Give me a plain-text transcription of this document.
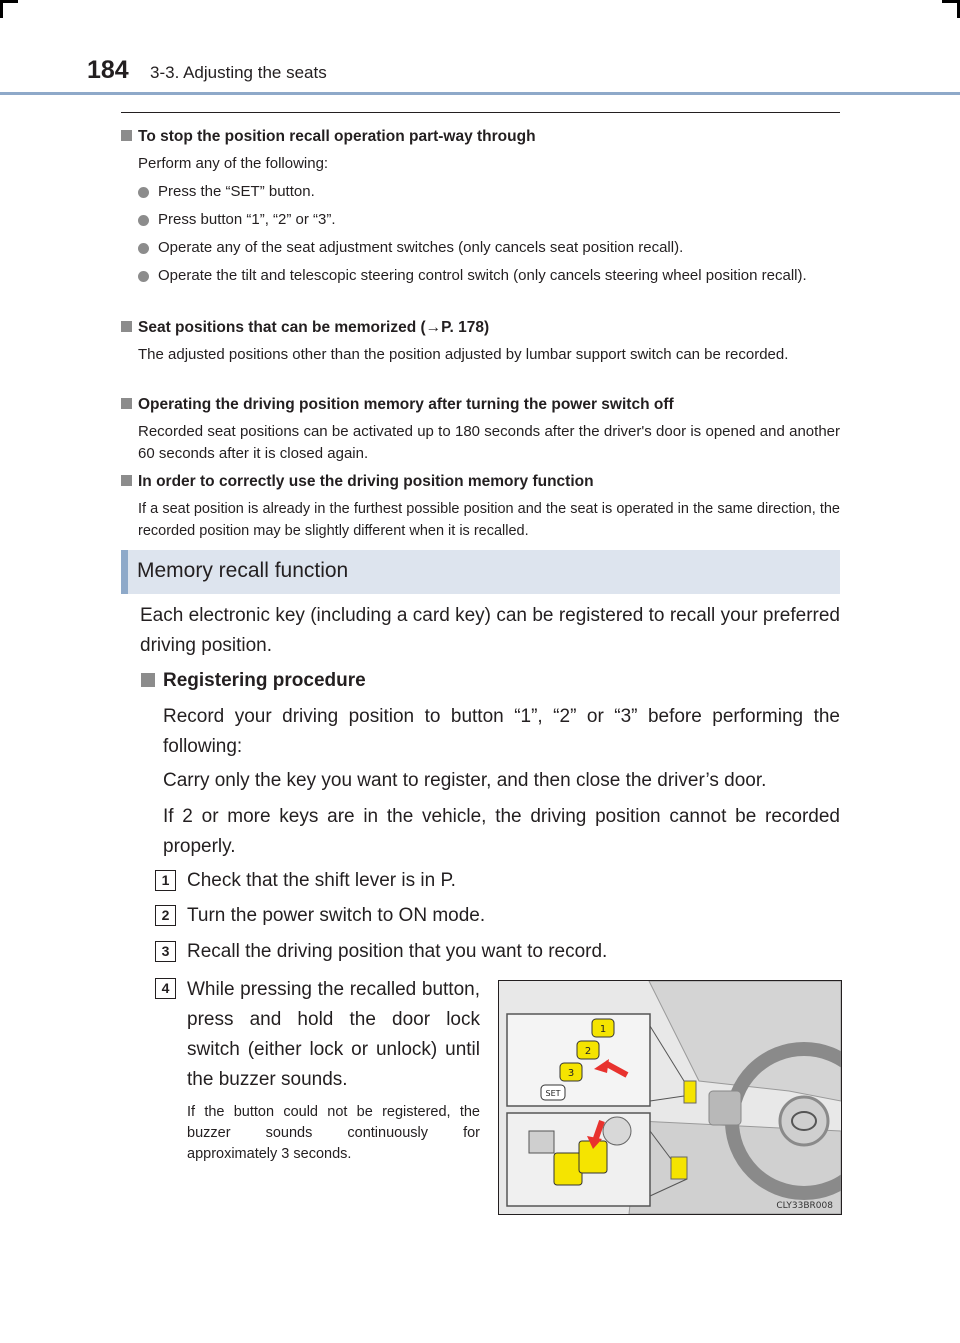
184 3-3. Adjusting the seats
To stop the position recall operation part-way through
Perform any of the following:
Press the “SET” button.
Press button “1”, “2” or “3”.
Operate any of the seat adjustment switches (only cancels seat position recall).
Operate the tilt and telescopic steering control switch (only cancels steering wheel position recall).
Seat positions that can be memorized (→P. 178)
The adjusted positions other than the position adjusted by lumbar support switch can be recorded.
Operating the driving position memory after turning the power switch off
Recorded seat positions can be activated up to 180 seconds after the driver's door is opened and another 60 seconds after it is closed again.
In order to correctly use the driving position memory function
If a seat position is already in the furthest possible position and the seat is operated in the same direction, the recorded position may be slightly different when it is recalled.
Memory recall function
Each electronic key (including a card key) can be registered to recall your preferred driving position.
Registering procedure
Record your driving position to button “1”, “2” or “3” before performing the following:
Carry only the key you want to register, and then close the driver’s door.
If 2 or more keys are in the vehicle, the driving position cannot be recorded properly.
1 Check that the shift lever is in P.
2 Turn the power switch to ON mode.
3 Recall the driving position that you want to record.
4 While pressing the recalled button, press and hold the door lock switch (either lock or unlock) until the buzzer sounds.
If the button could not be registered, the buzzer sounds continuously for approximately 3 seconds.
1
2
3
SET
CLY33BR008
